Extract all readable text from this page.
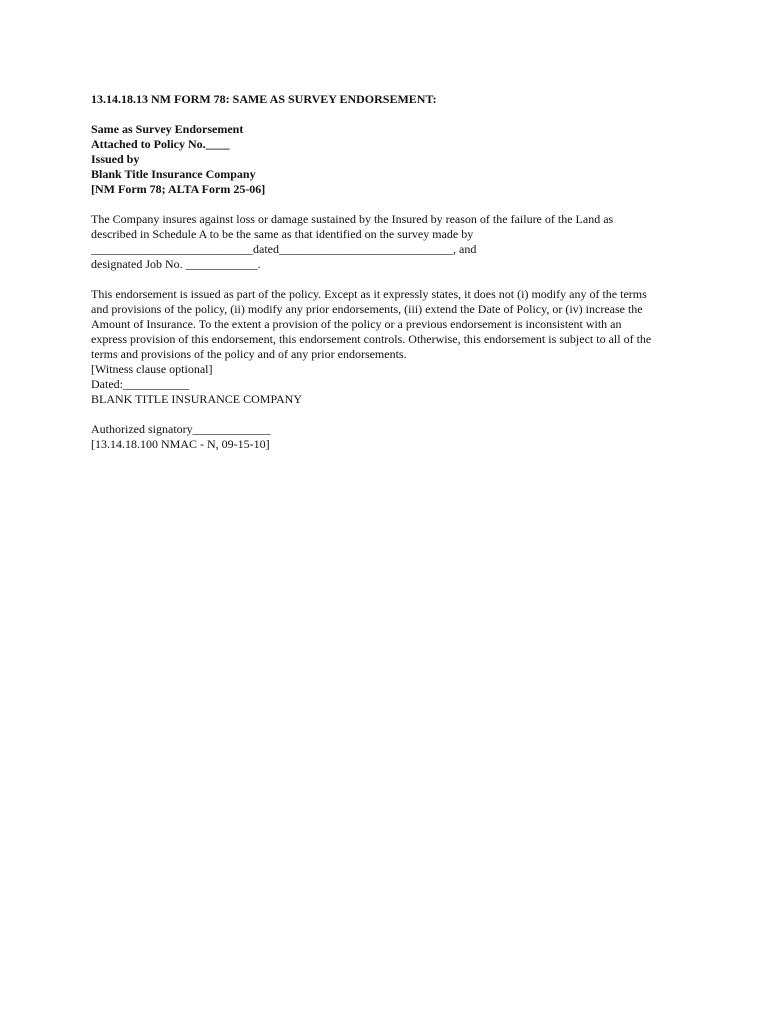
13.14.18.13 NM FORM 78: SAME AS SURVEY ENDORSEMENT:

Same as Survey Endorsement

Attached to Policy No.____

Issued by

Blank Title Insurance Company

[NM Form 78; ALTA Form 25-06]

The Company insures against loss or damage sustained by the Insured by reason of the failure of the Land as
described in Schedule A to be the same as that identified on the survey made by
___________________________dated_____________________________, and
designated Job No. ____________.
This endorsement is issued as part of the policy. Except as it expressly states, it does not (i) modify any of the terms
and provisions of the policy, (ii) modify any prior endorsements, (iii) extend the Date of Policy, or (iv) increase the
Amount of Insurance. To the extent a provision of the policy or a previous endorsement is inconsistent with an
express provision of this endorsement, this endorsement controls. Otherwise, this endorsement is subject to all of the
terms and provisions of the policy and of any prior endorsements.

[Witness clause optional]

Dated:___________

BLANK TITLE INSURANCE COMPANY

Authorized signatory_____________

[13.14.18.100 NMAC - N, 09-15-10]
